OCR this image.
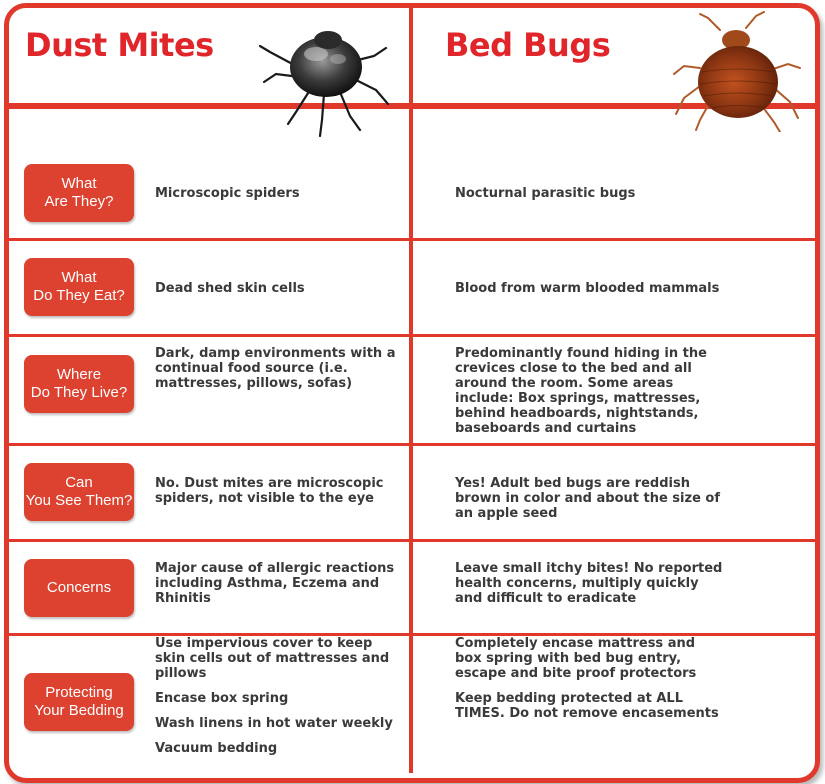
Dust Mites	Bed Bugs
What
Are They?
What
Do They Eat?
Where
Do They Live?
Can
You See Them?
Concerns
Protecting
Your Bedding

Microscopic spiders

Dead shed skin cells

Dark, damp environments with a continual food source (i.e. mattresses, pillows, sofas)

No. Dust mites are microscopic spiders, not visible to the eye

Major cause of allergic reactions including Asthma, Eczema and Rhinitis

Use impervious cover to keep skin cells out of mattresses and pillows

Encase box spring

Wash linens in hot water weekly

Vacuum bedding

Nocturnal parasitic bugs

Blood from warm blooded mammals

Predominantly found hiding in the crevices close to the bed and all around the room. Some areas include: Box springs, mattresses, behind headboards, nightstands, baseboards and curtains

Yes! Adult bed bugs are reddish brown in color and about the size of an apple seed

Leave small itchy bites! No reported health concerns, multiply quickly and difficult to eradicate

Completely encase mattress and box spring with bed bug entry, escape and bite proof protectors

Keep bedding protected at ALL TIMES. Do not remove encasements
